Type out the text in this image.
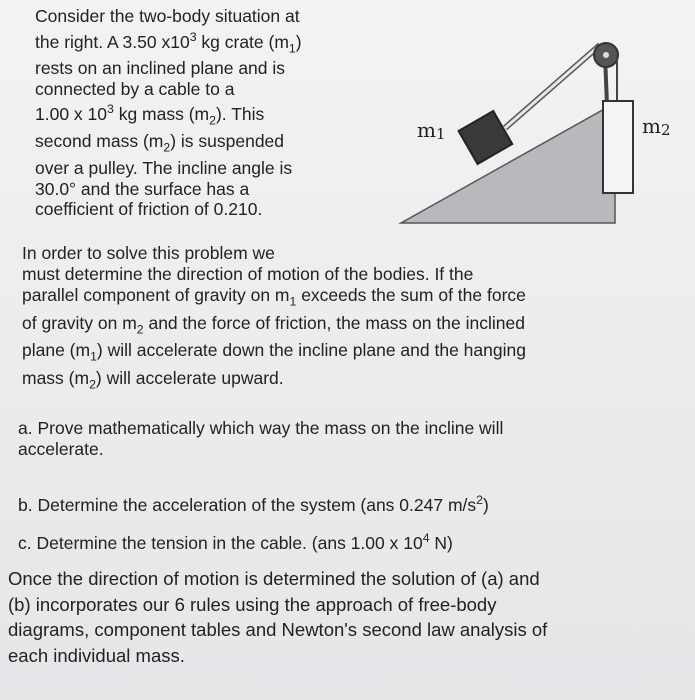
Consider the two-body situation at
the right. A 3.50 $x10^3$ kg crate $(m_1)$
rests on an inclined plane and is
connected by a cable to a
1.00 x $10^3$ kg mass $(m_2)$. This
second mass $(m_2)$ is suspended
over a pulley. The incline angle is
30.0° and the surface has a
coefficient of friction of 0.210.
m1	m2
In order to solve this problem we
must determine the direction of motion of the bodies. If the
parallel component of gravity on $m_1$ exceeds the sum of the force
of gravity on $m_2$ and the force of friction, the mass on the inclined
plane $(m_1)$ will accelerate down the incline plane and the hanging
mass $(m_2)$ will accelerate upward.
a. Prove mathematically which way the mass on the incline will
accelerate.
b. Determine the acceleration of the system (ans 0.247 $m/s^2$)
c. Determine the tension in the cable. (ans 1.00 x $10^4$ N)
Once the direction of motion is determined the solution of (a) and
(b) incorporates our 6 rules using the approach of free-body
diagrams, component tables and Newton's second law analysis of
each individual mass.
